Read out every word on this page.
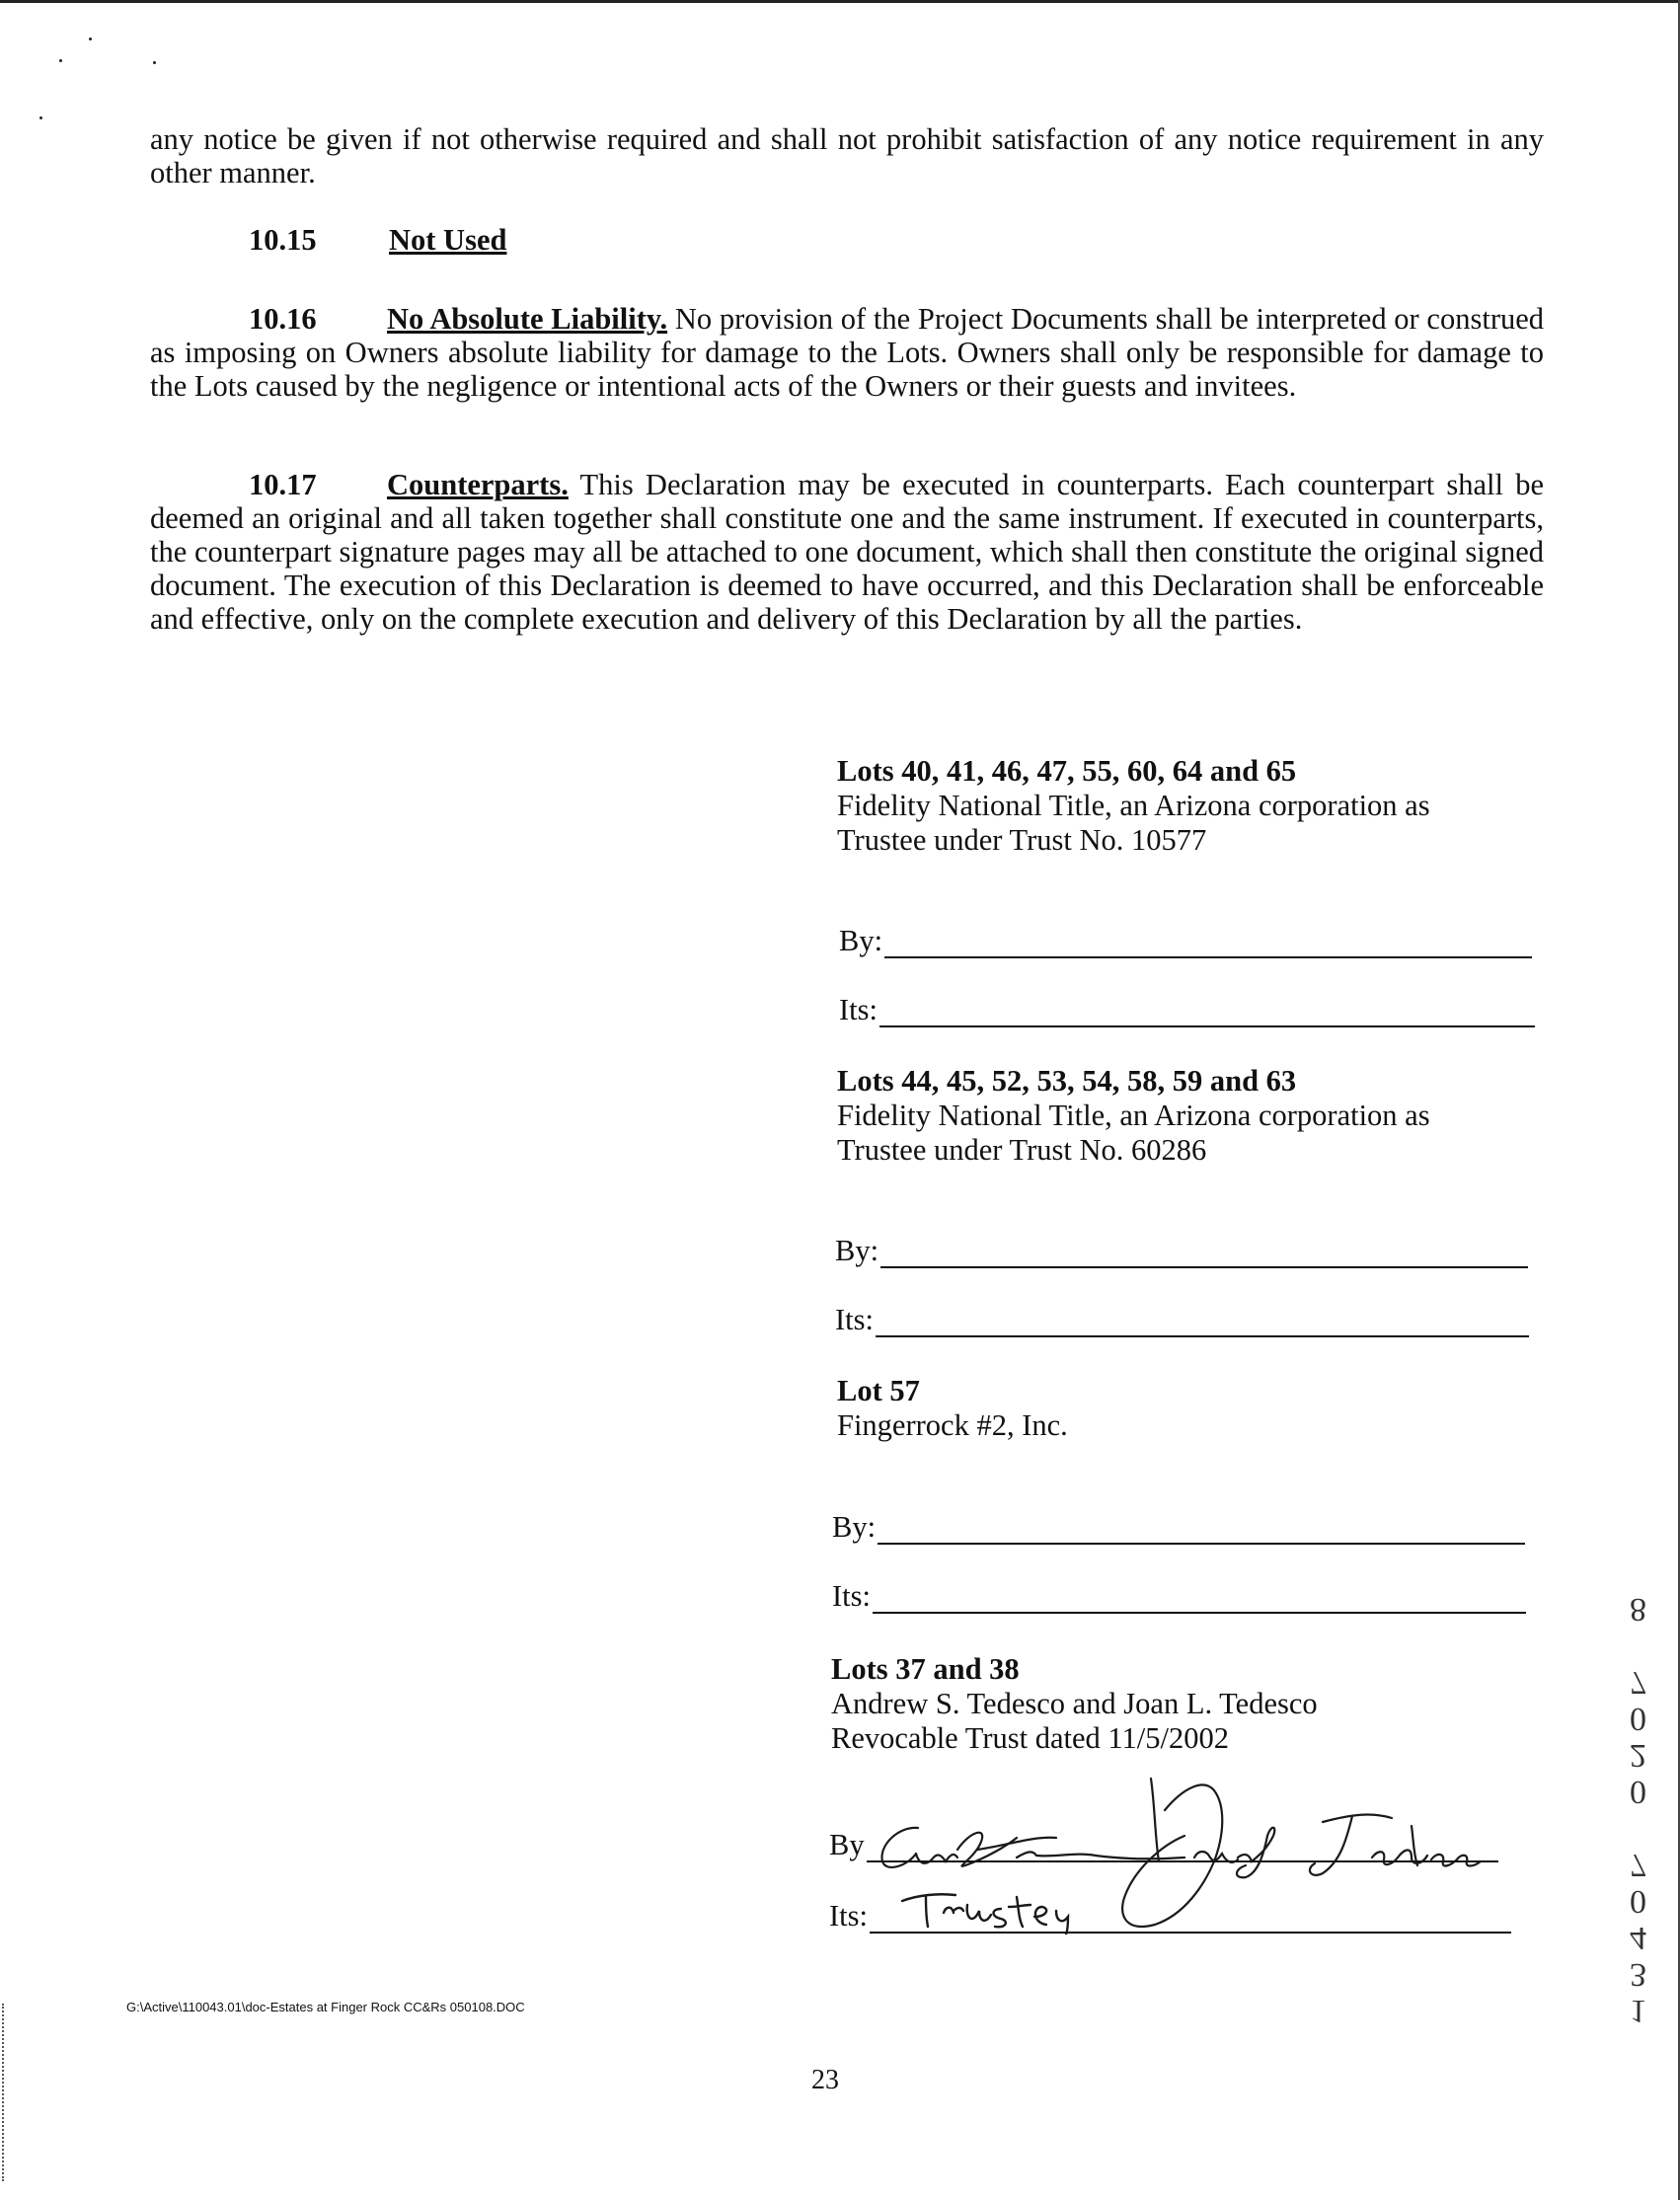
any notice be given if not otherwise required and shall not prohibit satisfaction of any notice requirement in any other manner.

10.15 Not Used

10.16 No Absolute Liability. No provision of the Project Documents shall be interpreted or construed as imposing on Owners absolute liability for damage to the Lots. Owners shall only be responsible for damage to the Lots caused by the negligence or intentional acts of the Owners or their guests and invitees.

10.17 Counterparts. This Declaration may be executed in counterparts. Each counterpart shall be deemed an original and all taken together shall constitute one and the same instrument. If executed in counterparts, the counterpart signature pages may all be attached to one document, which shall then constitute the original signed document. The execution of this Declaration is deemed to have occurred, and this Declaration shall be enforceable and effective, only on the complete execution and delivery of this Declaration by all the parties.

Lots 40, 41, 46, 47, 55, 60, 64 and 65
Fidelity National Title, an Arizona corporation as
Trustee under Trust No. 10577
By:
Its:
Lots 44, 45, 52, 53, 54, 58, 59 and 63
Fidelity National Title, an Arizona corporation as
Trustee under Trust No. 60286
By:
Its:
Lot 57
Fingerrock #2, Inc.
By:
Its:
Lots 37 and 38
Andrew S. Tedesco and Joan L. Tedesco
Revocable Trust dated 11/5/2002
By
Its:
G:\Active\110043.01\doc-Estates at Finger Rock CC&Rs 050108.DOC
23
13407 0207 8
